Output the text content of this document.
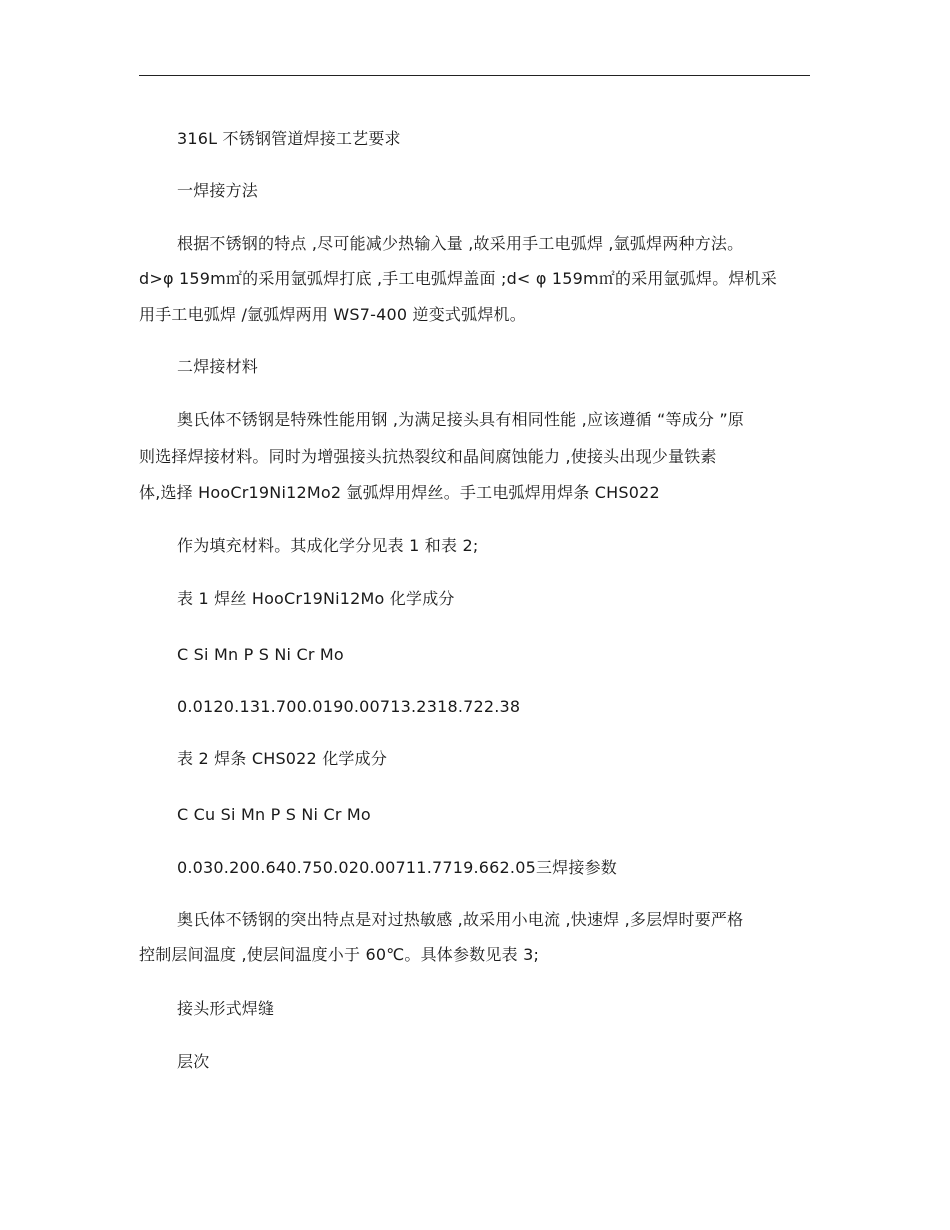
316L 不锈钢管道焊接工艺要求
一焊接方法
根据不锈钢的特点 ,尽可能减少热输入量 ,故采用手工电弧焊 ,氩弧焊两种方法。
d>φ 159m㎡的采用氩弧焊打底 ,手工电弧焊盖面 ;d< φ 159m㎡的采用氩弧焊。焊机采
用手工电弧焊 /氩弧焊两用 WS7-400 逆变式弧焊机。
二焊接材料
奥氏体不锈钢是特殊性能用钢 ,为满足接头具有相同性能 ,应该遵循 “等成分 ”原
则选择焊接材料。同时为增强接头抗热裂纹和晶间腐蚀能力 ,使接头出现少量铁素
体,选择 HooCr19Ni12Mo2 氩弧焊用焊丝。手工电弧焊用焊条 CHS022
作为填充材料。其成化学分见表 1 和表 2;
表 1 焊丝 HooCr19Ni12Mo 化学成分
C Si Mn P S Ni Cr Mo
0.0120.131.700.0190.00713.2318.722.38
表 2 焊条 CHS022 化学成分
C Cu Si Mn P S Ni Cr Mo
0.030.200.640.750.020.00711.7719.662.05三焊接参数
奥氏体不锈钢的突出特点是对过热敏感 ,故采用小电流 ,快速焊 ,多层焊时要严格
控制层间温度 ,使层间温度小于 60℃。具体参数见表 3;
接头形式焊缝
层次
